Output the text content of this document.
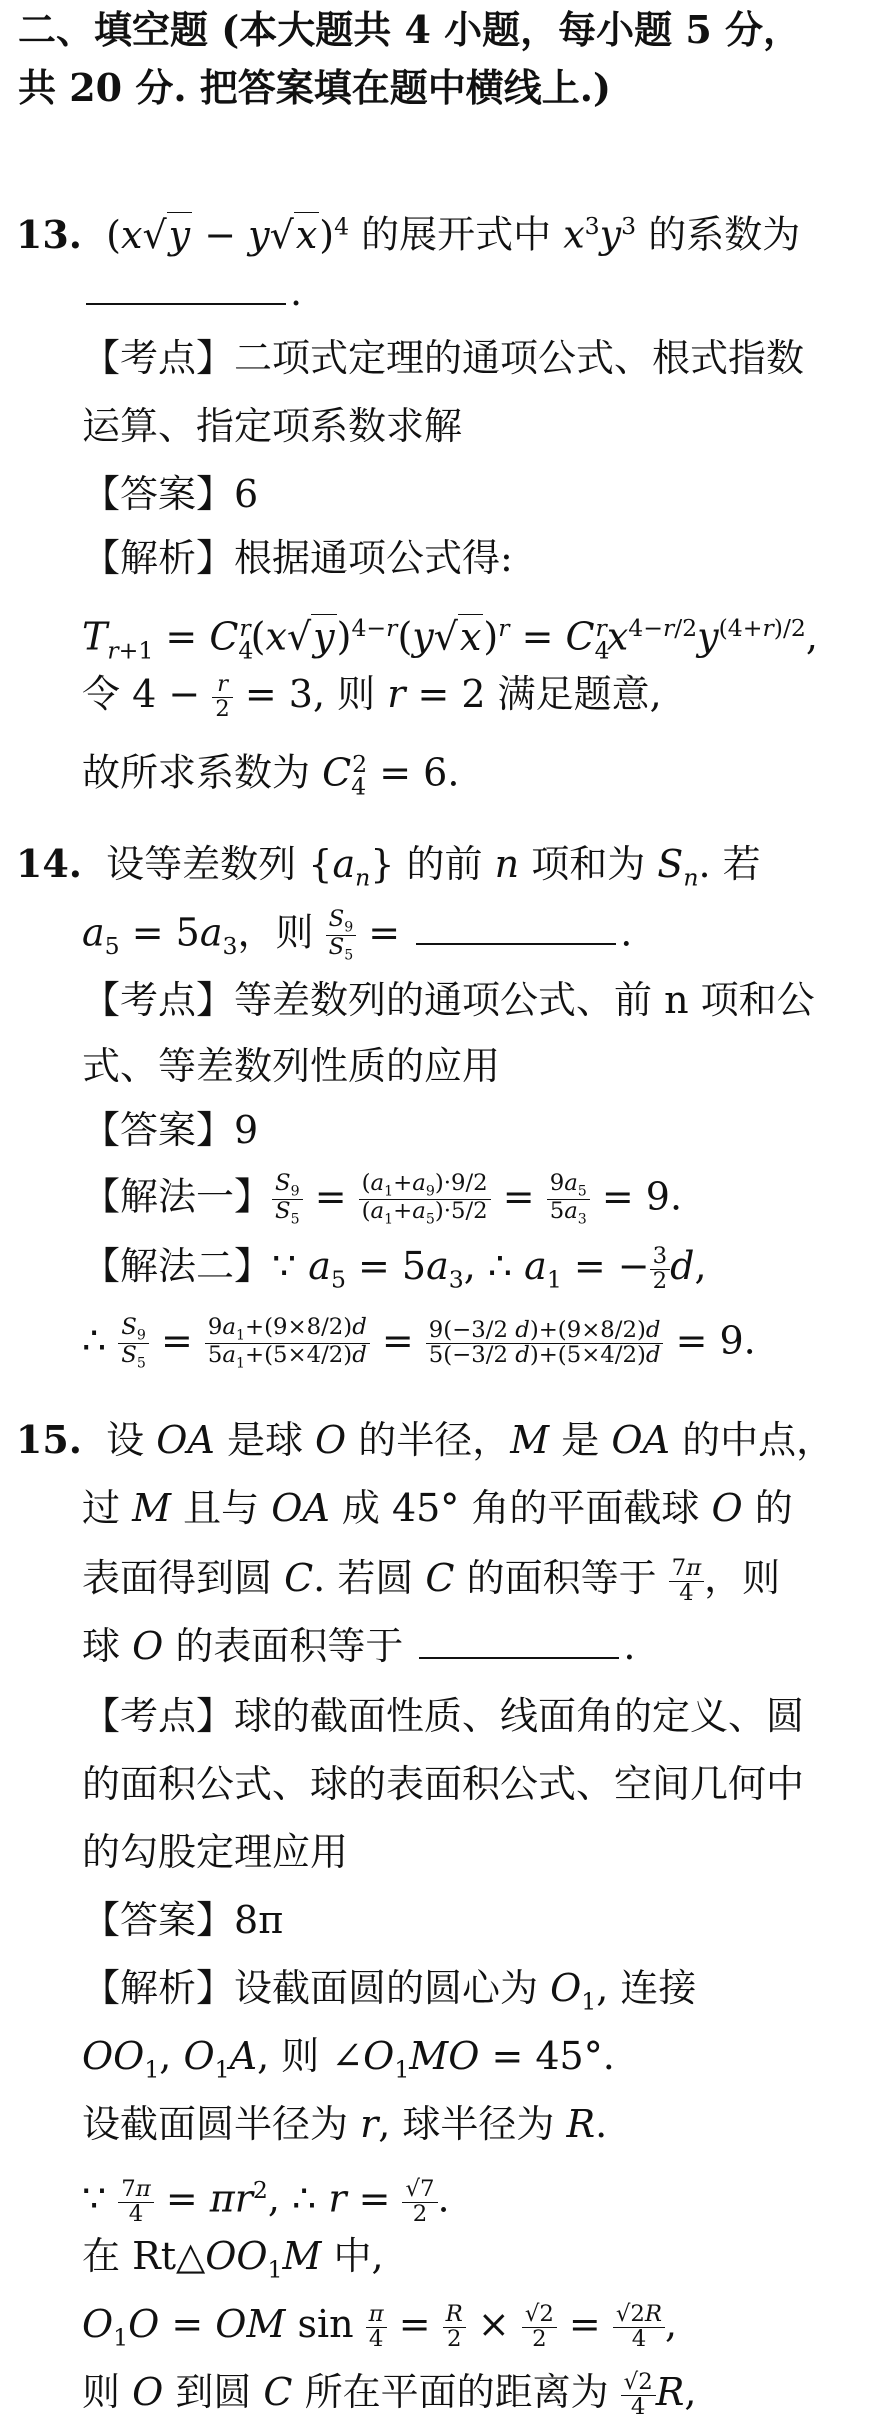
二、填空题 (本大题共 4 小题，每小题 5 分，
共 20 分. 把答案填在题中横线上.)
13.  $(x√y - y√x)^4$ 的展开式中 $x^3y^3$ 的系数为
.
【考点】二项式定理的通项公式、根式指数
运算、指定项系数求解
【答案】6
【解析】根据通项公式得:
$T_{r+1} = C_4^r(x√y)^{4-r}(y√x)^r = C_4^rx^{4-r/2}y^{(4+r)/2}$,
令 $4 - \frac{r}{2} = 3$, 则 r = 2 满足题意,
故所求系数为 $C_4^2 = 6$.
14. 设等差数列 $\{a_n\}$ 的前 n 项和为 $S_n$. 若
$a_5 = 5a_3$，则 $\frac{S_9}{S_5}$ =	.
【考点】等差数列的通项公式、前 n 项和公
式、等差数列性质的应用
【答案】9
【解法一】 $\frac{S_9}{S_5} = \frac{(a_1+a_9)\cdot 9/2}{(a_1+a_5)\cdot 5/2} = \frac{9a_5}{5a_3} = 9$.
【解法二】∵ $a_5 = 5a_3$, ∴ $a_1$ = − $\frac{3}{2} d$,
∴ $\frac{S_9}{S_5} = \frac{9a_1+(9\times 8/2)d}{5a_1+(5\times 4/2)d} = \frac{9(-3/2 d)+(9\times 8/2)d}{5(-3/2 d)+(5\times 4/2)d} = 9$.
15. 设 OA 是球 O 的半径，M 是 OA 的中点，
过 M 且与 OA 成 45° 角的平面截球 O 的
表面得到圆 C. 若圆 C 的面积等于 $\frac{7\pi}{4}$ ，则
球 O 的表面积等于	.
【考点】球的截面性质、线面角的定义、圆
的面积公式、球的表面积公式、空间几何中
的勾股定理应用
【答案】8π
【解析】设截面圆的圆心为 $O_1$, 连接
$OO_1$, $O_1A$, 则 $\angle O_1MO = 45^\circ$.
设截面圆半径为 r, 球半径为 R.
∵ $\frac{7\pi}{4} = \pi r^2$, ∴ $r = \frac{√7}{2}$ .
在 $Rt\triangle OO_1M$ 中,
$O_1O$ = OM $\sin \frac{\pi}{4} = \frac{R}{2} \times \frac{√2}{2} = \frac{√2R}{4}$ ,
则 O 到圆 C 所在平面的距离为 $\frac{√2}{4} R$,
